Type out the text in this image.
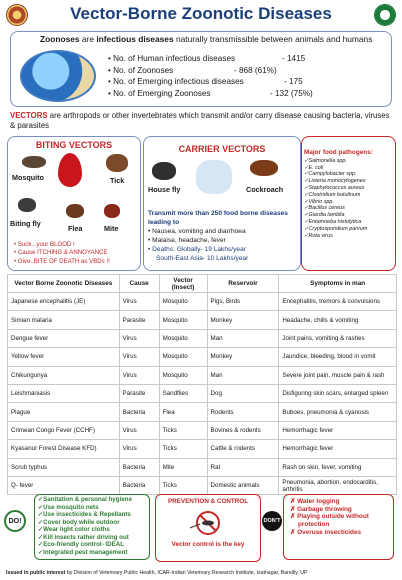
Vector-Borne Zoonotic Diseases
Zoonoses are infectious diseases naturally transmissible between animals and humans
• No. of Human infectious diseases	- 1415
• No. of Zoonoses	- 868 (61%)
• No. of Emerging infectious diseases	- 175
• No. of Emerging Zoonoses	- 132 (75%)
VECTORS are arthropods or other invertebrates which transmit and/or carry disease causing bacteria, viruses & parasites
BITING VECTORS
Mosquito	Tick
Biting fly
Flea	Mite
• Suck...your BLOOD !
• Cause ITCHING & ANNOYANCE
• Give..BITE OF DEATH as VBDs !!
CARRIER VECTORS
House fly	Cockroach
Transmit more than 250 food borne diseases leading to
• Nausea, vomiting and diarrhoea
• Malaise, headache, fever
• Deaths: Globally- 19 Lakhs/year
South-East Asia- 10 Lakhs/year
Major food pathogens:
✓Salmonella spp.
✓E. coli
✓Campylobacter spp.
✓Listeria monocytogenes
✓Staphylococcus aureus
✓Clostridium botulinum
✓Vibrio spp.
✓Bacillus cereus
✓Giardia lamblia
✓Entamoeba histolytica
✓Cryptosporidium parvum
✓Rota virus
Vector Borne Zoonotic Diseases	Cause	Vector (Insect)	Reservoir	Symptoms in man
Japanese encephalitis (JE)	Virus	Mosquito	Pigs, Birds	Encephalitis, tremors & convulsions
Simian malaria	Parasite	Mosquito	Monkey	Headache, chills & vomiting
Dengue fever	Virus	Mosquito	Man	Joint pains, vomiting & rashes
Yellow fever	Virus	Mosquito	Monkey	Jaundice, bleeding, blood in vomit
Chikungunya	Virus	Mosquito	Man	Severe joint pain, muscle pain & rash
Leishmaniasis	Parasite	Sandflies	Dog	Disfiguring skin scars, enlarged spleen
Plague	Bacteria	Flea	Rodents	Buboes, pneumonia & cyanosis
Crimean Congo Fever (CCHF)	Virus	Ticks	Bovines & rodents	Hemorrhagic fever
Kyasanur Forest Disease KFD)	Virus	Ticks	Cattle & rodents	Hemorrhagic fever
Scrub typhus	Bacteria	Mite	Rat	Rash on skin, fever, vomiting
Q- fever	Bacteria	Ticks	Domestic animals	Pneumonia, abortion, endocarditis, arthritis
DO!
✓Sanitation & personal hygiene
✓Use mosquito nets
✓Use insecticides & Repellants
✓Cover body while outdoor
✓Wear light color cloths
✓Kill insects rather driving out
✓Eco-friendly control- IDEAL
✓Integrated pest management
PREVENTION & CONTROL
Vector control is the key
DON'T
✗ Water logging
✗ Garbage throwing
✗ Playing outside without
protection
✗ Overuse insecticides
Issued in public interest by Division of Veterinary Public Health, ICAR-Indian Veterinary Research Institute, Izatnagar, Bareilly, UP
